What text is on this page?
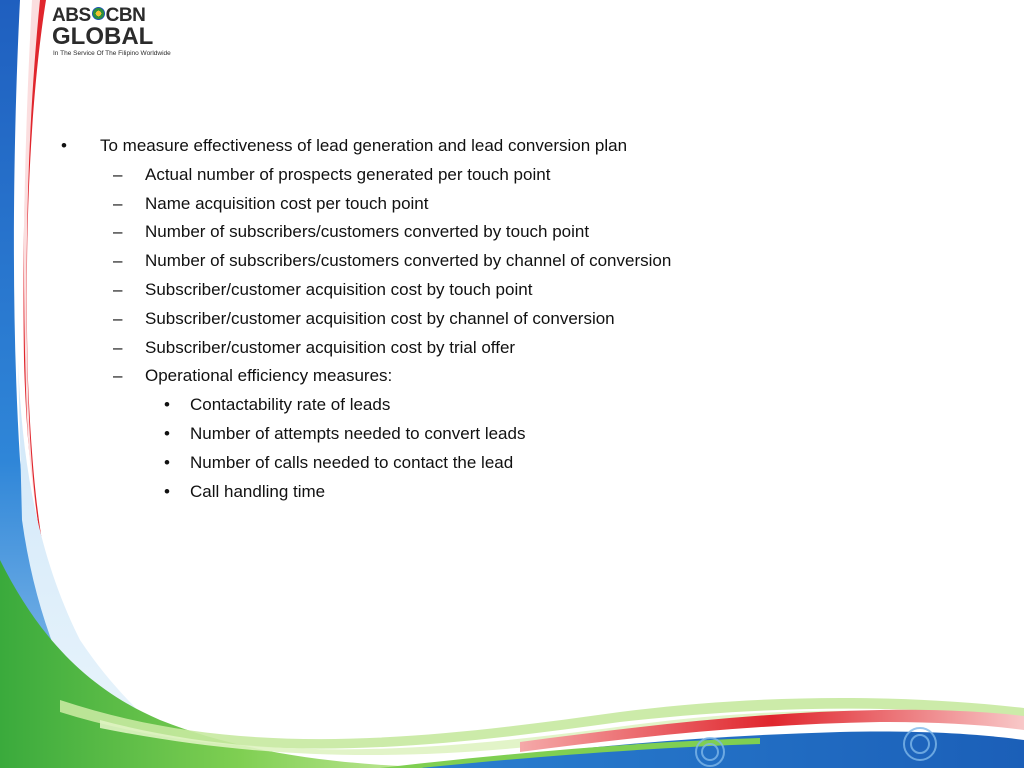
ABS CBN
GLOBAL
In The Service Of The Filipino Worldwide
• To measure effectiveness of lead generation and lead conversion plan
– Actual number of prospects generated per touch point
– Name acquisition cost per touch point
– Number of subscribers/customers converted by touch point
– Number of subscribers/customers converted by channel of conversion
– Subscriber/customer acquisition cost by touch point
– Subscriber/customer acquisition cost by channel of conversion
– Subscriber/customer acquisition cost by trial offer
– Operational efficiency measures:
• Contactability rate of leads
• Number of attempts needed to convert leads
• Number of calls needed to contact the lead
• Call handling time
